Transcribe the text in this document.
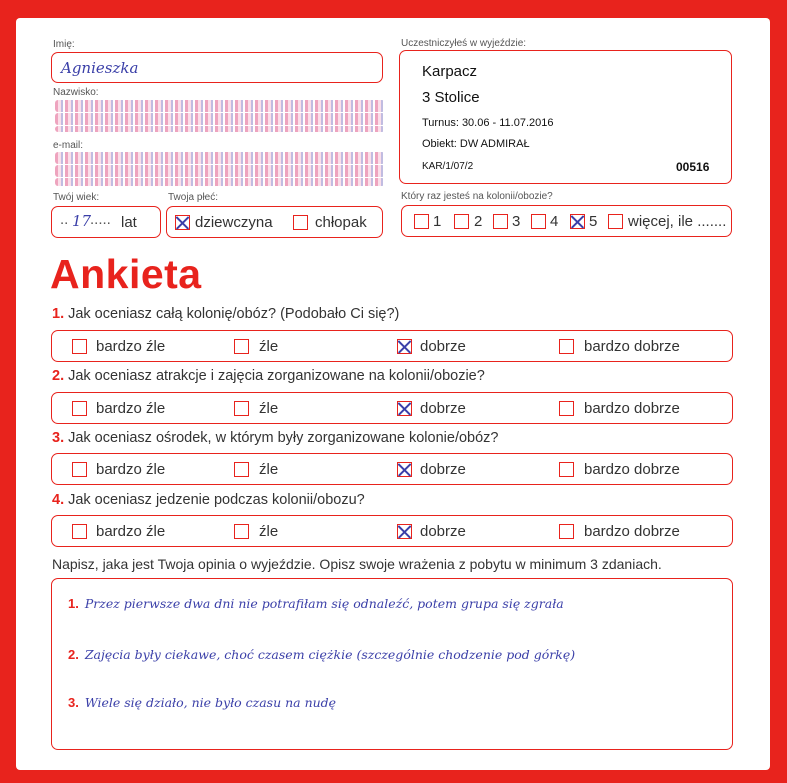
Imię:
Agnieszka
Nazwisko:
e-mail:
Twój wiek:
.. 17
..... lat
Twoja płeć:
dziewczyna	chłopak
Uczestniczyłeś w wyjeździe:
Karpacz
3 Stolice
Turnus: 30.06 - 11.07.2016
Obiekt: DW ADMIRAŁ
KAR/1/07/2	00516
Który raz jesteś na kolonii/obozie?
1 2 3 4 5 więcej, ile .......
Ankieta
1. Jak oceniasz całą kolonię/obóz? (Podobało Ci się?)
bardzo źle	źle	dobrze	bardzo dobrze
2. Jak oceniasz atrakcje i zajęcia zorganizowane na kolonii/obozie?
bardzo źle	źle	dobrze	bardzo dobrze
3. Jak oceniasz ośrodek, w którym były zorganizowane kolonie/obóz?
bardzo źle	źle	dobrze	bardzo dobrze
4. Jak oceniasz jedzenie podczas kolonii/obozu?
bardzo źle	źle	dobrze	bardzo dobrze
Napisz, jaka jest Twoja opinia o wyjeździe. Opisz swoje wrażenia z pobytu w minimum 3 zdaniach.
1. Przez pierwsze dwa dni nie potrafiłam się odnaleźć, potem grupa się zgrała
2. Zajęcia były ciekawe, choć czasem ciężkie (szczególnie chodzenie pod górkę)
3. Wiele się działo, nie było czasu na nudę
